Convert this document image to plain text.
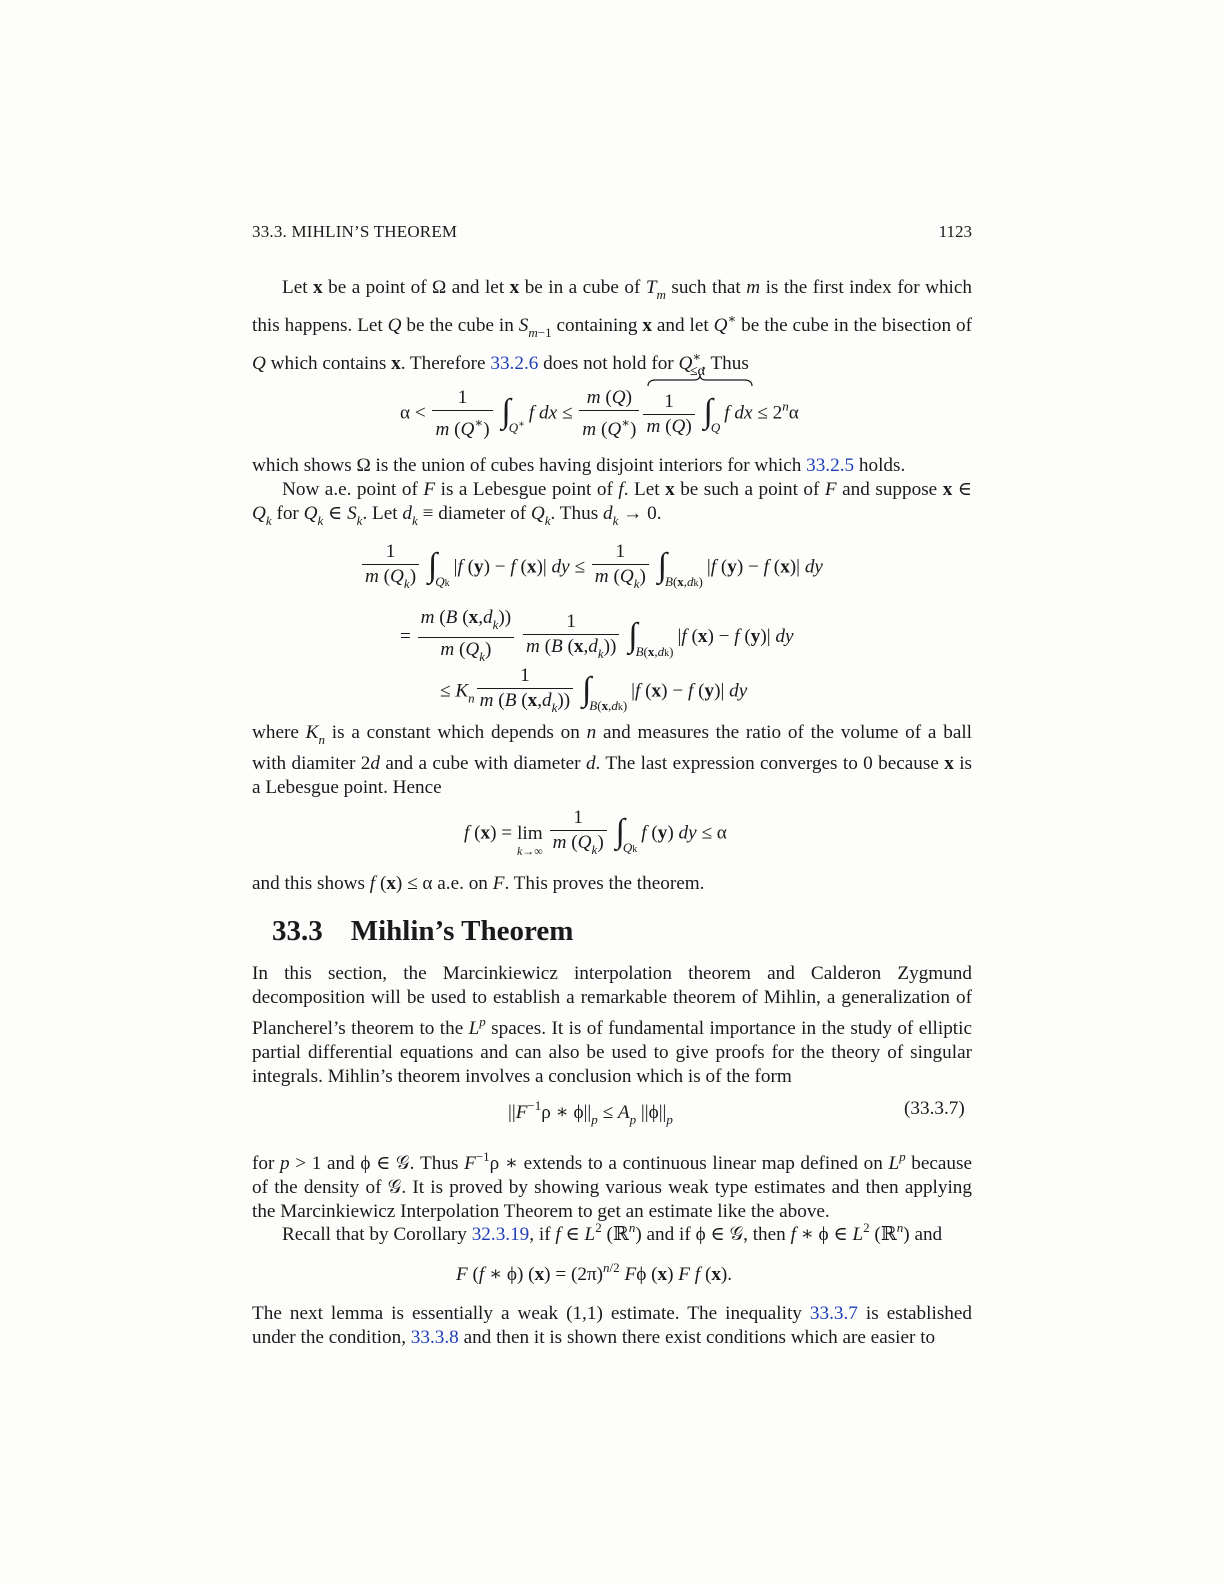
33.3. MIHLIN’S THEOREM	1123
Let x be a point of Ω and let x be in a cube of $T_m$ such that m is the first index for which this happens. Let Q be the cube in $S_{m-1}$ containing x and let Q∗ be the cube in the bisection of Q which contains x. Therefore 33.2.6 does not hold for Q∗. Thus
≤α
$\alpha < \frac{1}{m (Q^∗)} \int_{Q^∗}f$ dx ≤ $\frac{m (Q)}{m (Q^∗)} \frac{1}{m (Q)} \int_Qf$ dx ≤ $2^n\alpha$
which shows Ω is the union of cubes having disjoint interiors for which 33.2.5 holds.
Now a.e. point of F is a Lebesgue point of f. Let x be such a point of F and suppose x ∈ $Q_k$ for $Q_k$ ∈ $S_k$. Let $d_k$ ≡ diameter of $Q_k$. Thus $d_k \to 0$.
$\frac{1}{m (Q_k)} \int_{Qk}|f$ (y) − f (x)| dy ≤ $\frac{1}{m (Q_k)} \int_{B(x,dk)}|f$ (y) − f (x)| dy
= $\frac{m (B (x,d_k))}{m (Q_k)}$
$\frac{1}{m (B (x,d_k))} \int_{B(x,dk)}|f$ (x) − f (y)| dy
≤ $K_n \frac{1}{m (B (x,d_k))} \int_{B(x,dk)}|f$ (x) − f (y)| dy
where $K_n$ is a constant which depends on n and measures the ratio of the volume of a ball with diamiter 2d and a cube with diameter d. The last expression converges to 0 because x is a Lebesgue point. Hence
f (x) = lim
k→∞
$\frac{1}{m (Q_k)} \int_{Qk}f$ (y) dy ≤ α
and this shows f (x) ≤ α a.e. on F. This proves the theorem.
33.3 Mihlin’s Theorem
In this section, the Marcinkiewicz interpolation theorem and Calderon Zygmund decomposition will be used to establish a remarkable theorem of Mihlin, a generalization of Plancherel’s theorem to the $L^p$ spaces. It is of fundamental importance in the study of elliptic partial differential equations and can also be used to give proofs for the theory of singular integrals. Mihlin’s theorem involves a conclusion which is of the form
$||F^{-1}\rho$ ∗ $\phi||_p \le A_p$ $||\phi||_p$
(33.3.7)
for p > 1 and ϕ ∈ 𝒢. Thus $F^{-1}\rho$ ∗ extends to a continuous linear map defined on $L^p$ because of the density of 𝒢. It is proved by showing various weak type estimates and then applying the Marcinkiewicz Interpolation Theorem to get an estimate like the above.
Recall that by Corollary 32.3.19, if f ∈ $L^2$ (ℝ$^n$) and if ϕ ∈ 𝒢, then f ∗ ϕ ∈ $L^2$ (ℝ$^n$) and
F (f ∗ ϕ) $(x) = (2\pi)^{n/2}$ Fϕ (x) F f (x).
The next lemma is essentially a weak (1,1) estimate. The inequality 33.3.7 is established under the condition, 33.3.8 and then it is shown there exist conditions which are easier to
